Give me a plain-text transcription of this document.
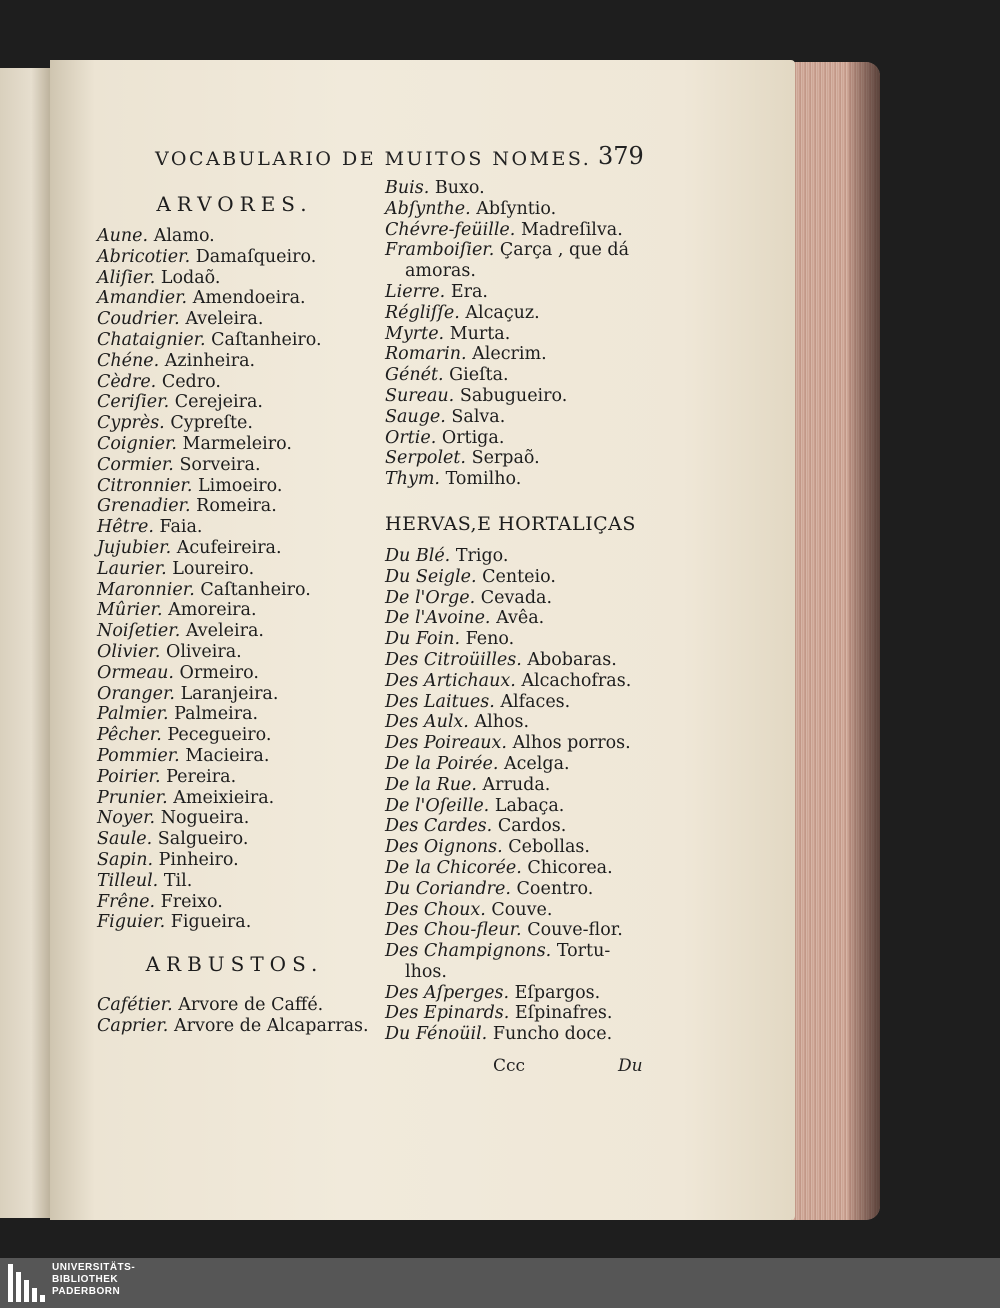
VOCABULARIO DE MUITOS NOMES. 379
ARVORES.
Aune. Alamo.
Abricotier. Damaſqueiro.
Aliſier. Lodaõ.
Amandier. Amendoeira.
Coudrier. Aveleira.
Chataignier. Caſtanheiro.
Chéne. Azinheira.
Cèdre. Cedro.
Ceriſier. Cerejeira.
Cyprès. Cypreſte.
Coignier. Marmeleiro.
Cormier. Sorveira.
Citronnier. Limoeiro.
Grenadier. Romeira.
Hêtre. Faia.
Jujubier. Acufeireira.
Laurier. Loureiro.
Maronnier. Caſtanheiro.
Mûrier. Amoreira.
Noiſetier. Aveleira.
Olivier. Oliveira.
Ormeau. Ormeiro.
Oranger. Laranjeira.
Palmier. Palmeira.
Pêcher. Pecegueiro.
Pommier. Macieira.
Poirier. Pereira.
Prunier. Ameixieira.
Noyer. Nogueira.
Saule. Salgueiro.
Sapin. Pinheiro.
Tilleul. Til.
Frêne. Freixo.
Figuier. Figueira.
ARBUSTOS.
Cafétier. Arvore de Caffé.
Caprier. Arvore de Alcaparras.
Buis. Buxo.
Abſynthe. Abſyntio.
Chévre-feüille. Madreſilva.
Framboiſier. Çarça , que dá
amoras.
Lierre. Era.
Régliſſe. Alcaçuz.
Myrte. Murta.
Romarin. Alecrim.
Génét. Gieſta.
Sureau. Sabugueiro.
Sauge. Salva.
Ortie. Ortiga.
Serpolet. Serpaõ.
Thym. Tomilho.
HERVAS,E HORTALIÇAS
Du Blé. Trigo.
Du Seigle. Centeio.
De l'Orge. Cevada.
De l'Avoine. Avêa.
Du Foin. Feno.
Des Citroüilles. Abobaras.
Des Artichaux. Alcachofras.
Des Laitues. Alfaces.
Des Aulx. Alhos.
Des Poireaux. Alhos porros.
De la Poirée. Acelga.
De la Rue. Arruda.
De l'Oſeille. Labaça.
Des Cardes. Cardos.
Des Oignons. Cebollas.
De la Chicorée. Chicorea.
Du Coriandre. Coentro.
Des Choux. Couve.
Des Chou-fleur. Couve-flor.
Des Champignons. Tortu-
lhos.
Des Aſperges. Eſpargos.
Des Epinards. Eſpinafres.
Du Fénoüil. Funcho doce.
Ccc	Du
UNIVERSITÄTS-
BIBLIOTHEK
PADERBORN
